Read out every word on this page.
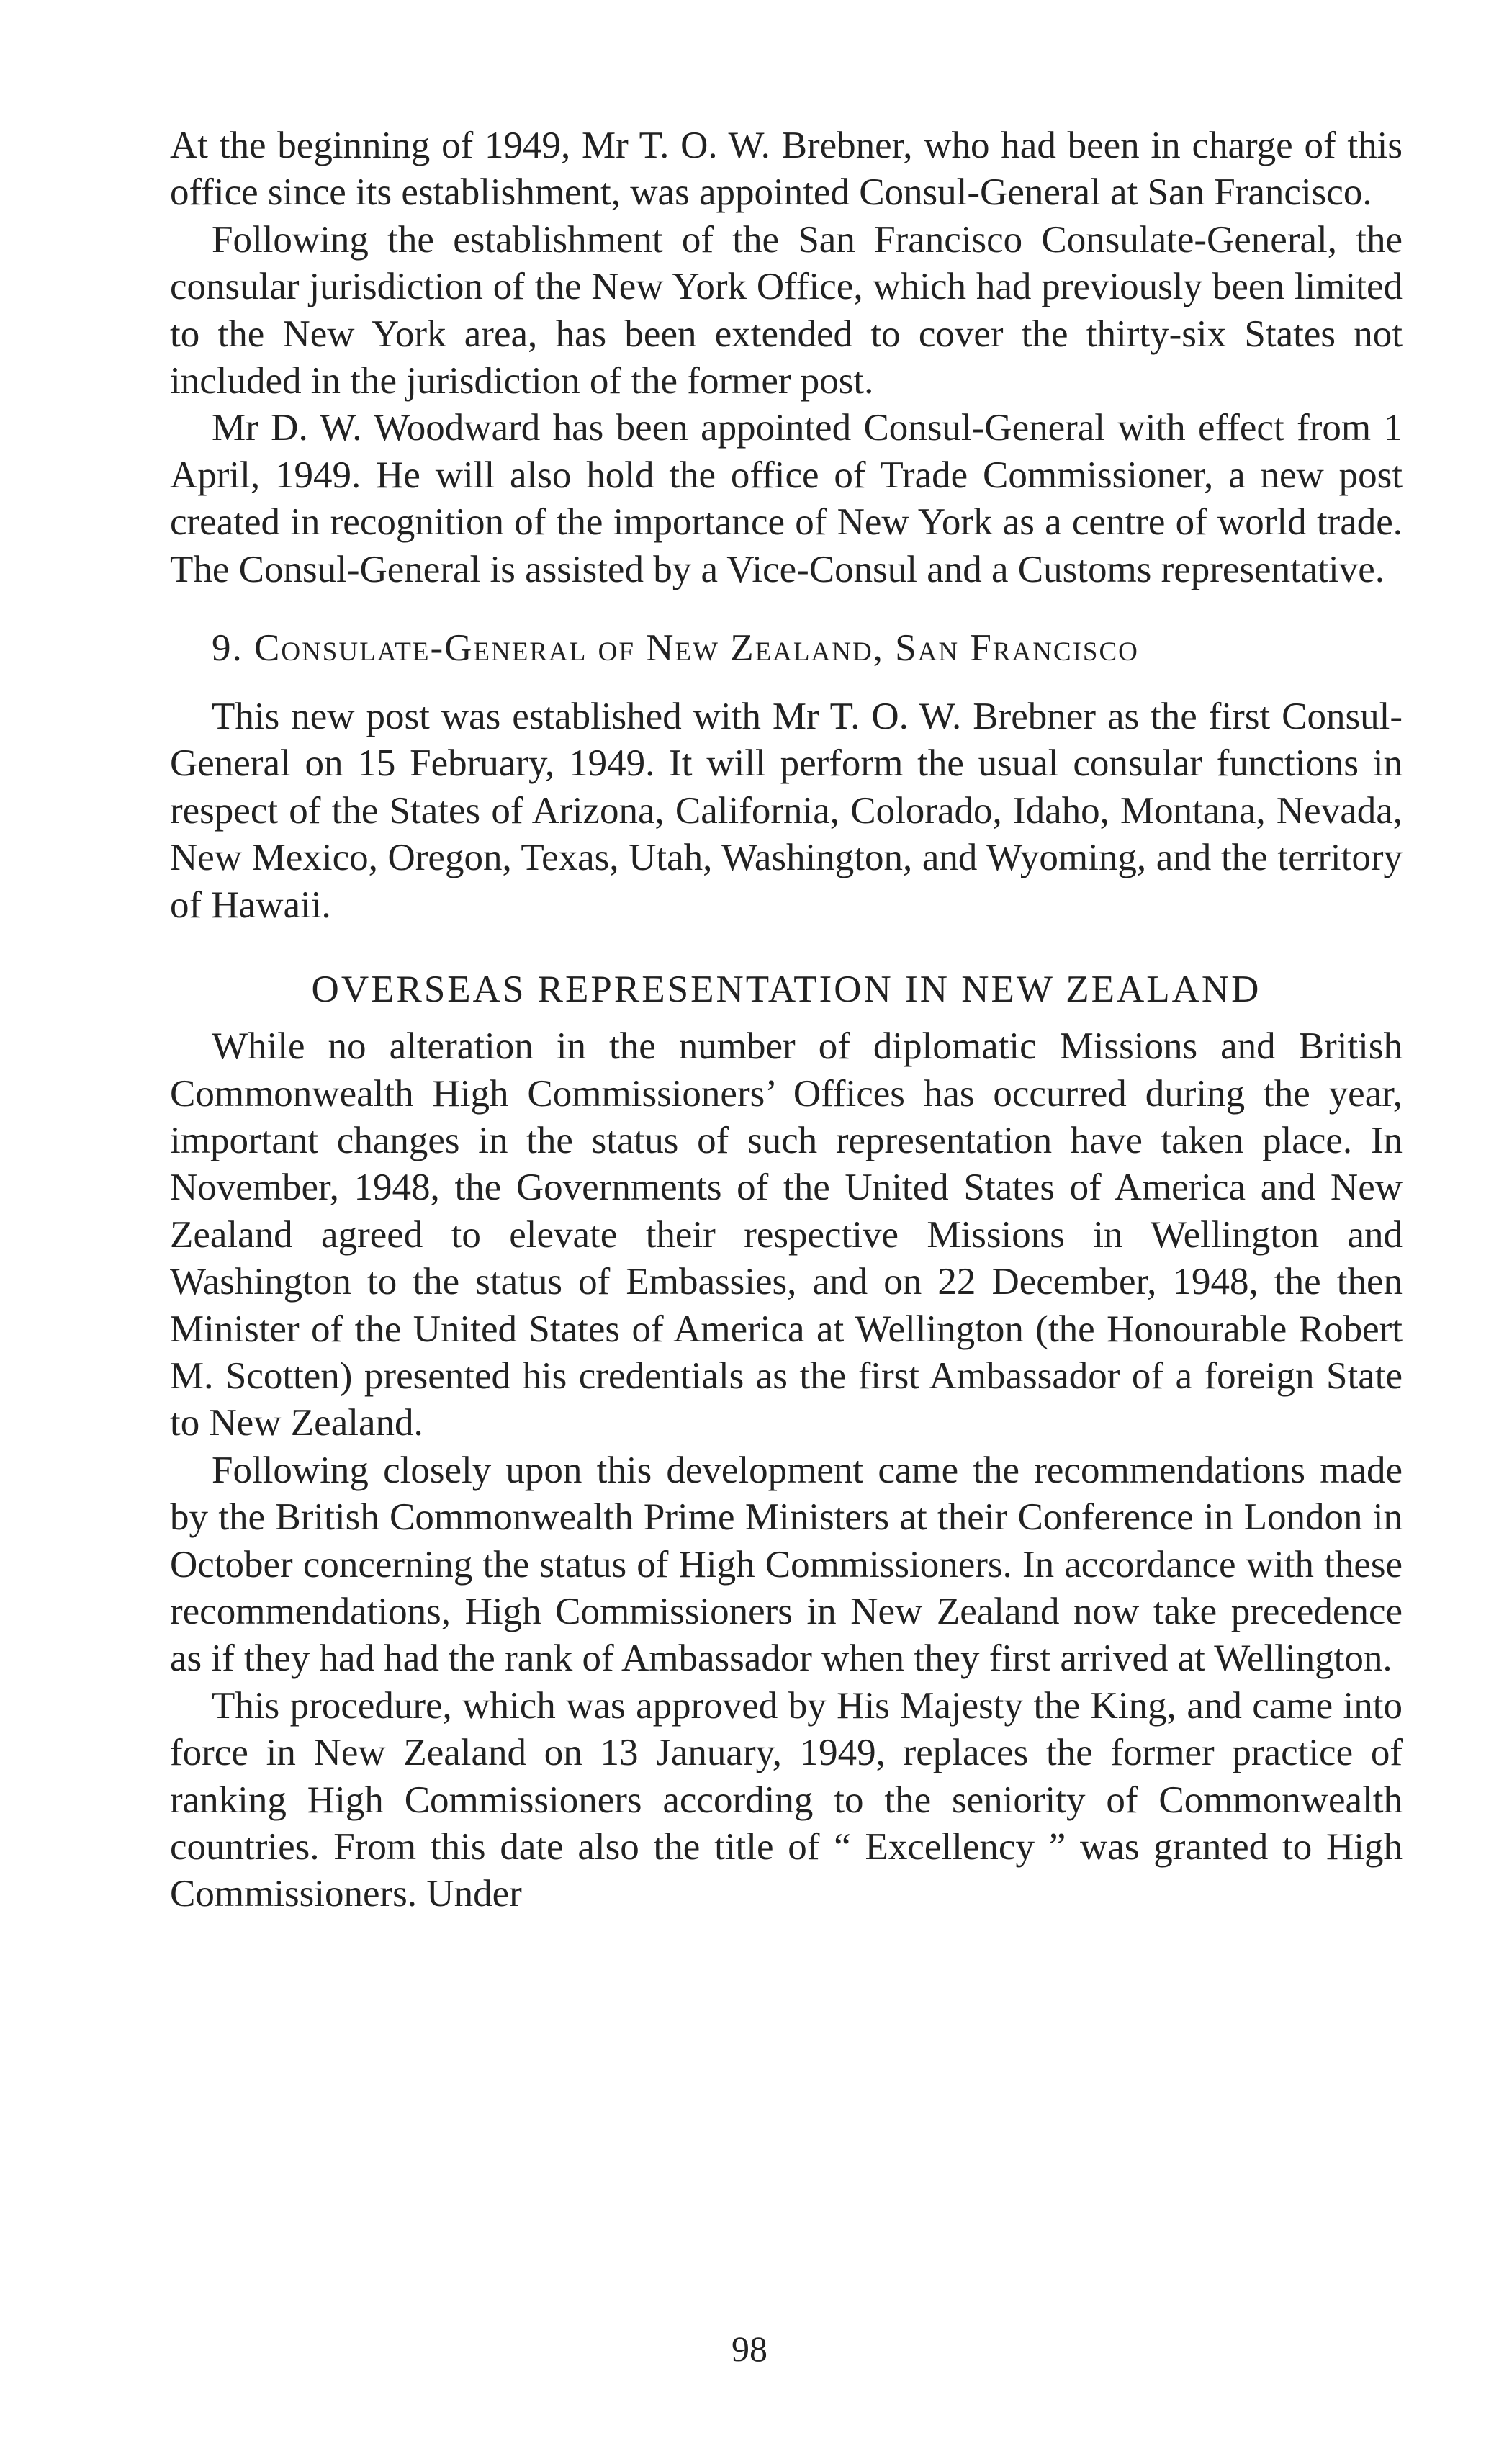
At the beginning of 1949, Mr T. O. W. Brebner, who had been in charge of this office since its establishment, was appointed Consul-General at San Francisco.

Following the establishment of the San Francisco Consulate-General, the consular jurisdiction of the New York Office, which had previously been limited to the New York area, has been extended to cover the thirty-six States not included in the jurisdiction of the former post.

Mr D. W. Woodward has been appointed Consul-General with effect from 1 April, 1949. He will also hold the office of Trade Commissioner, a new post created in recognition of the importance of New York as a centre of world trade. The Consul-General is assisted by a Vice-Consul and a Customs representative.

9. Consulate-General of New Zealand, San Francisco

This new post was established with Mr T. O. W. Brebner as the first Consul-General on 15 February, 1949. It will perform the usual consular functions in respect of the States of Arizona, California, Colorado, Idaho, Montana, Nevada, New Mexico, Oregon, Texas, Utah, Washington, and Wyoming, and the territory of Hawaii.

OVERSEAS REPRESENTATION IN NEW ZEALAND

While no alteration in the number of diplomatic Missions and British Commonwealth High Commissioners’ Offices has occurred during the year, important changes in the status of such representation have taken place. In November, 1948, the Governments of the United States of America and New Zealand agreed to elevate their respective Missions in Wellington and Washington to the status of Embassies, and on 22 December, 1948, the then Minister of the United States of America at Wellington (the Honourable Robert M. Scotten) presented his credentials as the first Ambassador of a foreign State to New Zealand.

Following closely upon this development came the recommendations made by the British Commonwealth Prime Ministers at their Conference in London in October concerning the status of High Commissioners. In accordance with these recommendations, High Commissioners in New Zealand now take precedence as if they had had the rank of Ambassador when they first arrived at Wellington.

This procedure, which was approved by His Majesty the King, and came into force in New Zealand on 13 January, 1949, replaces the former practice of ranking High Commissioners according to the seniority of Commonwealth countries. From this date also the title of “ Excellency ” was granted to High Commissioners. Under

98
